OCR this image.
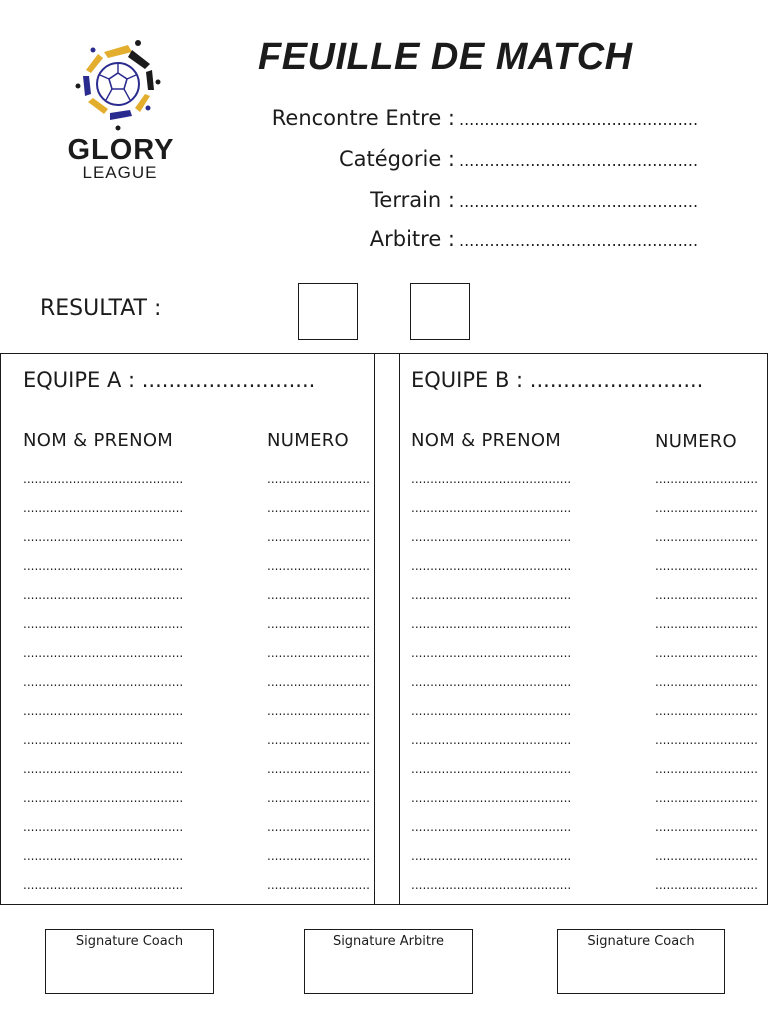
GLORY
LEAGUE
FEUILLE DE MATCH
Rencontre Entre : ...............................................
Catégorie : ...............................................
Terrain : ...............................................
Arbitre : ...............................................
RESULTAT :
EQUIPE A : ..........................
NOM & PRENOM	NUMERO
EQUIPE B : ..........................
NOM & PRENOM	NUMERO
..........................................	...........................	..........................................	...........................
..........................................	...........................	..........................................	...........................
..........................................	...........................	..........................................	...........................
..........................................	...........................	..........................................	...........................
..........................................	...........................	..........................................	...........................
..........................................	...........................	..........................................	...........................
..........................................	...........................	..........................................	...........................
..........................................	...........................	..........................................	...........................
..........................................	...........................	..........................................	...........................
..........................................	...........................	..........................................	...........................
..........................................	...........................	..........................................	...........................
..........................................	...........................	..........................................	...........................
..........................................	...........................	..........................................	...........................
..........................................	...........................	..........................................	...........................
..........................................	...........................	..........................................	...........................
Signature Coach	Signature Arbitre	Signature Coach
